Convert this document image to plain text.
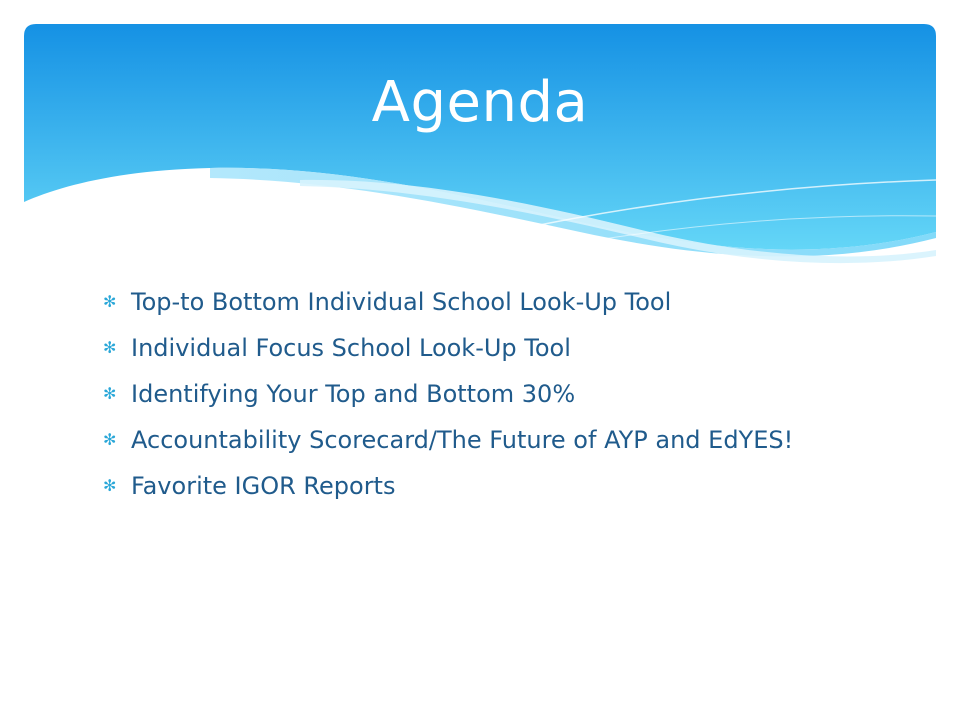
Agenda
✻ Top-to Bottom Individual School Look-Up Tool
✻ Individual Focus School Look-Up Tool
✻ Identifying Your Top and Bottom 30%
✻ Accountability Scorecard/The Future of AYP and EdYES!
✻ Favorite IGOR Reports
